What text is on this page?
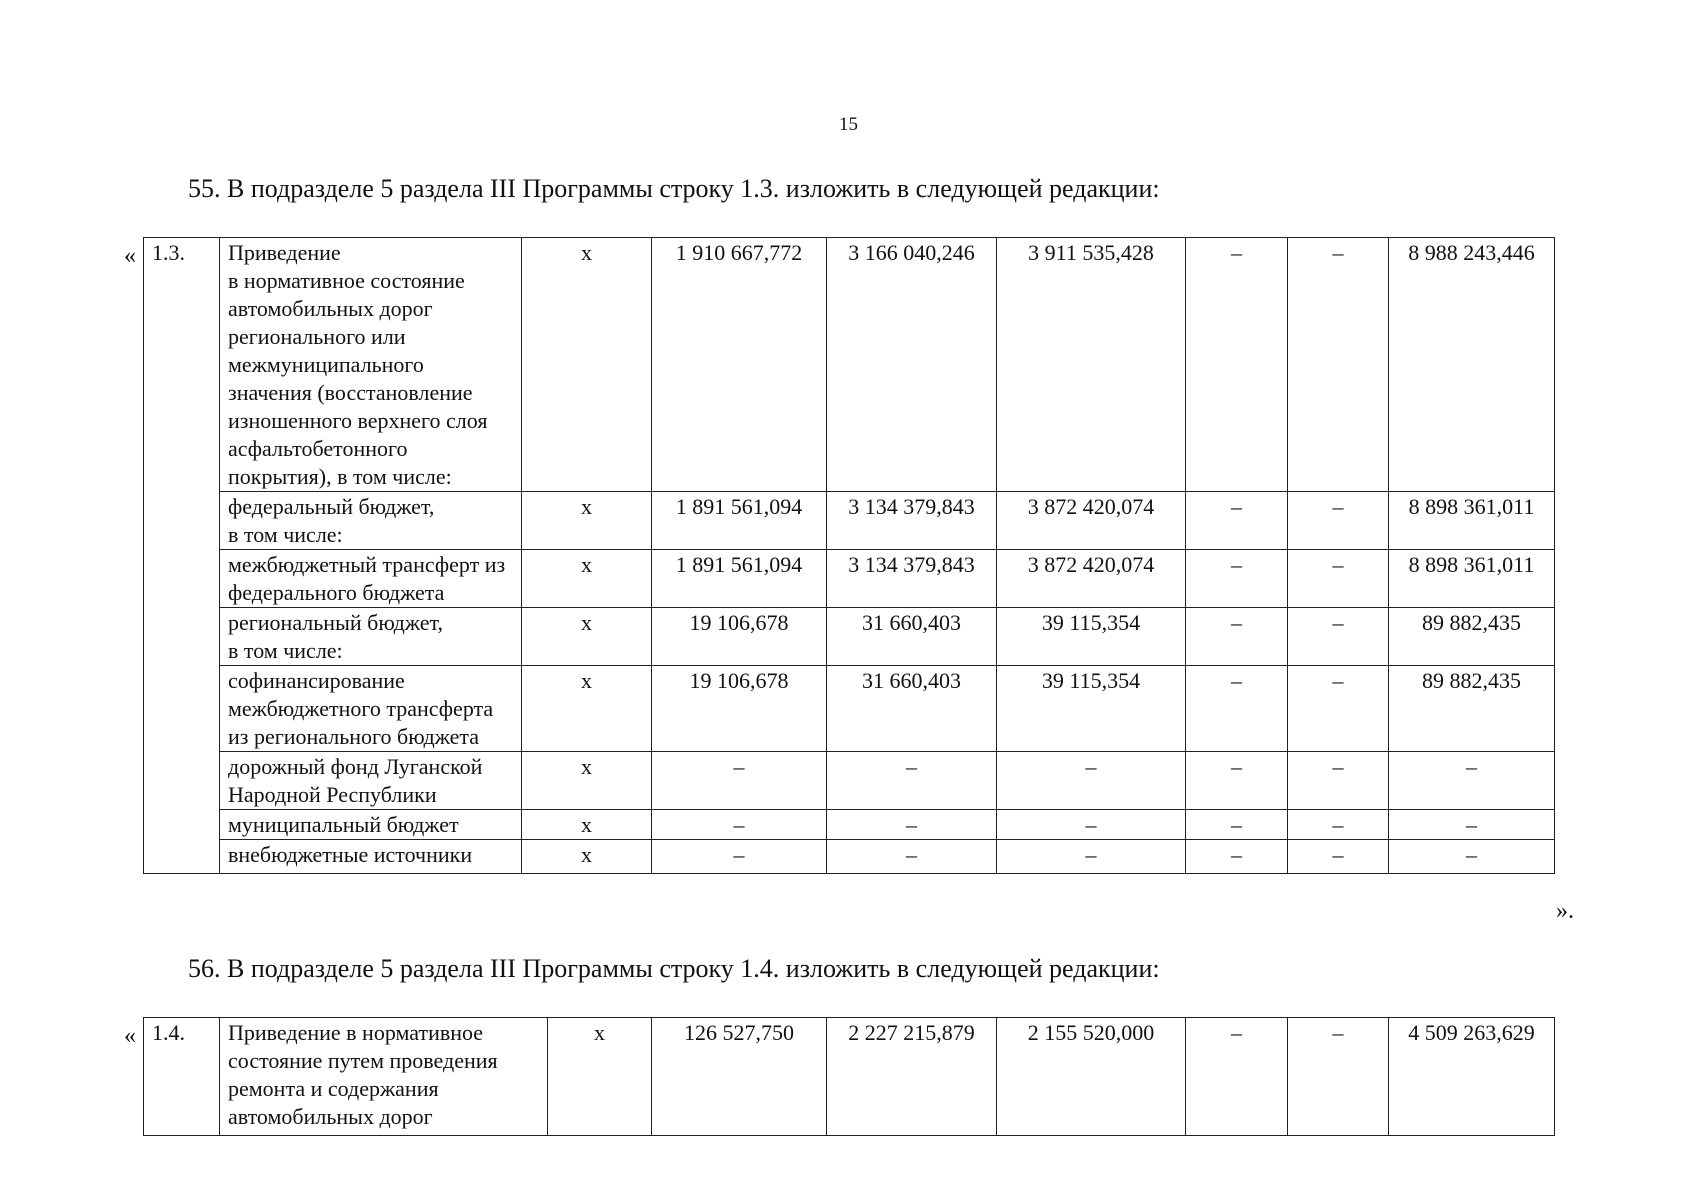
15
55. В подразделе 5 раздела III Программы строку 1.3. изложить в следующей редакции:
« 1.3.	Приведение
в нормативное состояние автомобильных дорог регионального или межмуниципального значения (восстановление изношенного верхнего слоя асфальтобетонного покрытия), в том числе:	х	1 910 667,772	3 166 040,246	3 911 535,428	–	–	8 988 243,446
	федеральный бюджет,
в том числе:	х	1 891 561,094	3 134 379,843	3 872 420,074	–	–	8 898 361,011
	межбюджетный трансферт из федерального бюджета	х	1 891 561,094	3 134 379,843	3 872 420,074	–	–	8 898 361,011
	региональный бюджет,
в том числе:	х	19 106,678	31 660,403	39 115,354	–	–	89 882,435
	софинансирование межбюджетного трансферта из регионального бюджета	х	19 106,678	31 660,403	39 115,354	–	–	89 882,435
	дорожный фонд Луганской Народной Республики	х	–	–	–	–	–	–
	муниципальный бюджет	х	–	–	–	–	–	–
	внебюджетные источники	х	–	–	–	–	–	–
».
56. В подразделе 5 раздела III Программы строку 1.4. изложить в следующей редакции:
« 1.4.	Приведение в нормативное состояние путем проведения ремонта и содержания автомобильных дорог	х	126 527,750	2 227 215,879	2 155 520,000	–	–	4 509 263,629
